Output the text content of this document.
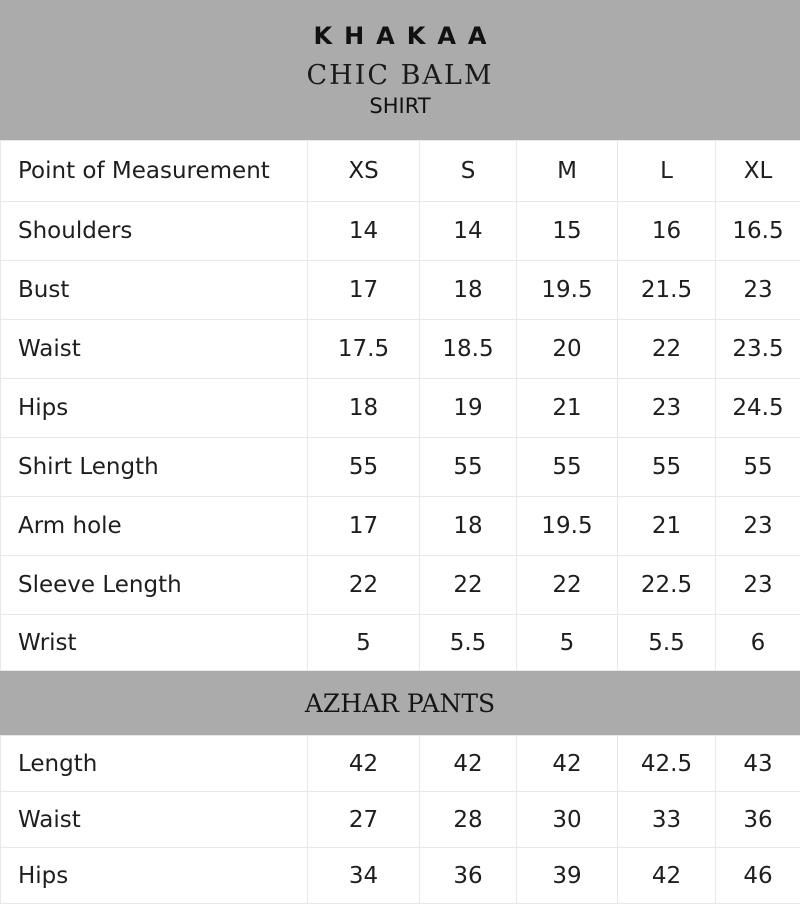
KHAKAA
CHIC BALM
SHIRT
Point of Measurement	XS	S	M	L	XL
Shoulders	14	14	15	16	16.5
Bust	17	18	19.5	21.5	23
Waist	17.5	18.5	20	22	23.5
Hips	18	19	21	23	24.5
Shirt Length	55	55	55	55	55
Arm hole	17	18	19.5	21	23
Sleeve Length	22	22	22	22.5	23
Wrist	5	5.5	5	5.5	6
AZHAR PANTS
Length	42	42	42	42.5	43
Waist	27	28	30	33	36
Hips	34	36	39	42	46
